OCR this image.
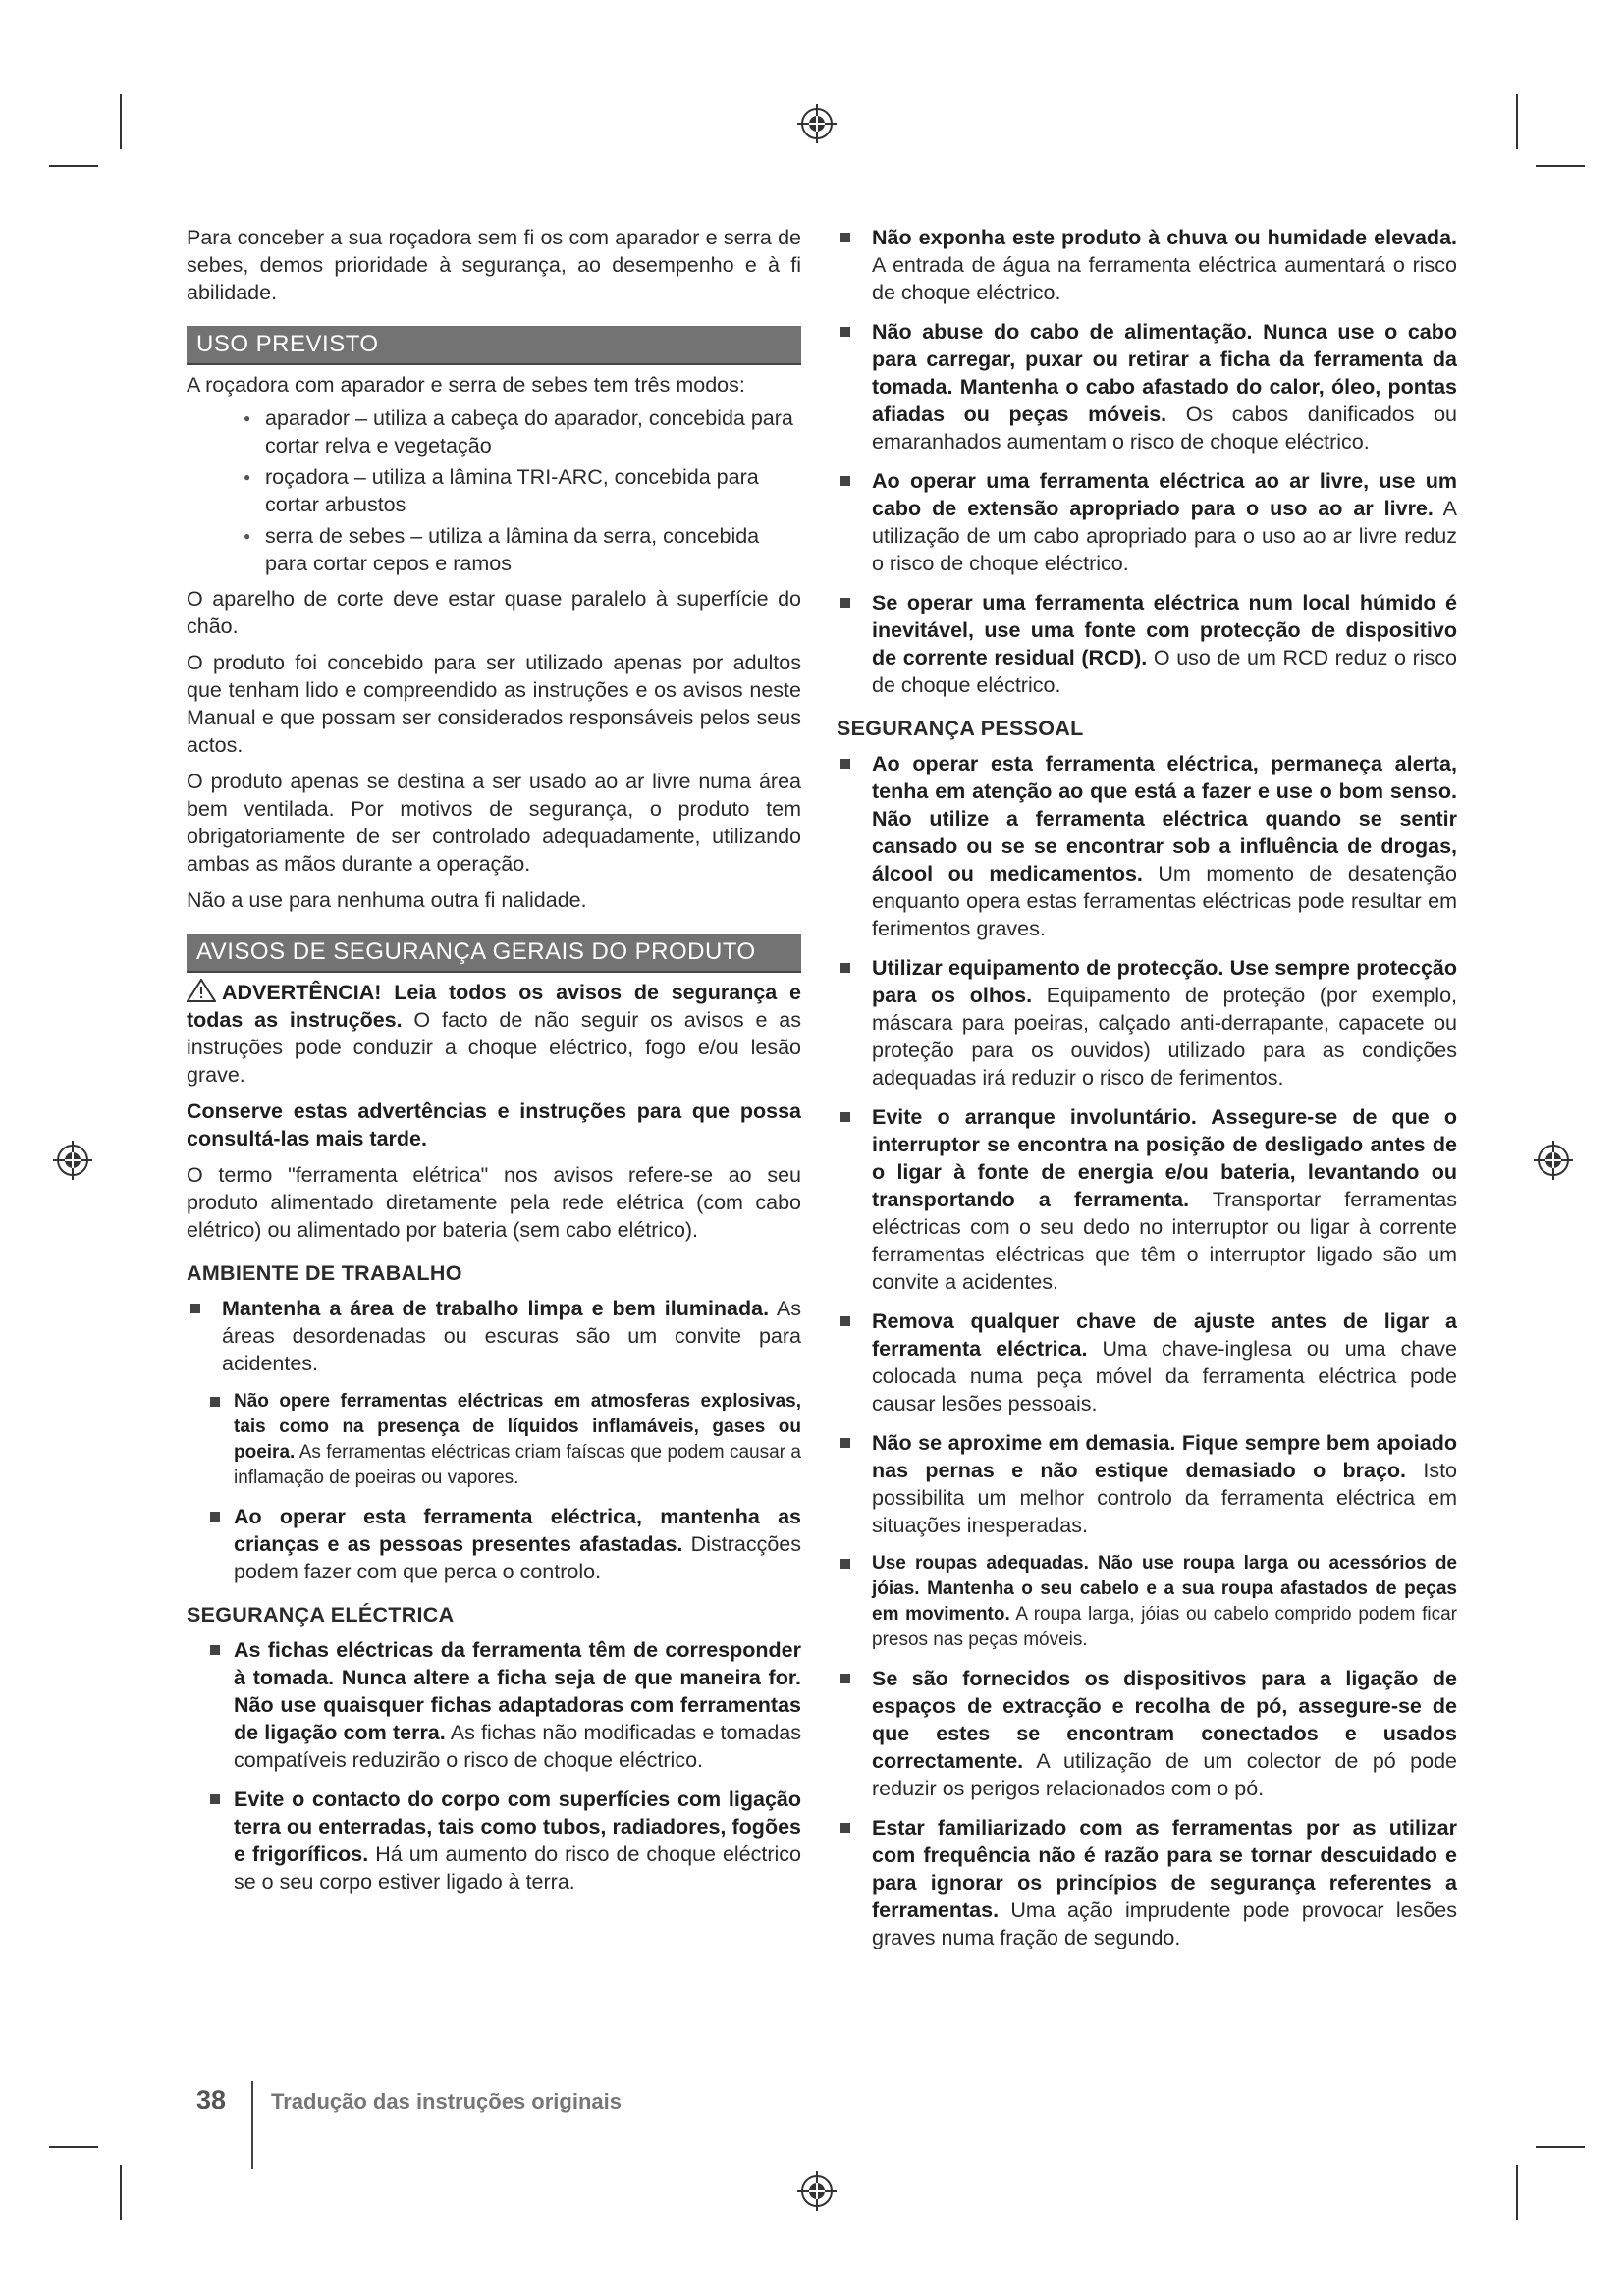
Para conceber a sua roçadora sem fi os com aparador e serra de sebes, demos prioridade à segurança, ao desempenho e à fi abilidade.

USO PREVISTO

A roçadora com aparador e serra de sebes tem três modos:

● aparador – utiliza a cabeça do aparador, concebida para cortar relva e vegetação
● roçadora – utiliza a lâmina TRI-ARC, concebida para cortar arbustos
● serra de sebes – utiliza a lâmina da serra, concebida para cortar cepos e ramos

O aparelho de corte deve estar quase paralelo à superfície do chão.

O produto foi concebido para ser utilizado apenas por adultos que tenham lido e compreendido as instruções e os avisos neste Manual e que possam ser considerados responsáveis pelos seus actos.

O produto apenas se destina a ser usado ao ar livre numa área bem ventilada. Por motivos de segurança, o produto tem obrigatoriamente de ser controlado adequadamente, utilizando ambas as mãos durante a operação.

Não a use para nenhuma outra fi nalidade.

AVISOS DE SEGURANÇA GERAIS DO PRODUTO

ADVERTÊNCIA! Leia todos os avisos de segurança e todas as instruções. O facto de não seguir os avisos e as instruções pode conduzir a choque eléctrico, fogo e/ou lesão grave.

Conserve estas advertências e instruções para que possa consultá-las mais tarde.

O termo "ferramenta elétrica" nos avisos refere-se ao seu produto alimentado diretamente pela rede elétrica (com cabo elétrico) ou alimentado por bateria (sem cabo elétrico).

AMBIENTE DE TRABALHO
Mantenha a área de trabalho limpa e bem iluminada. As áreas desordenadas ou escuras são um convite para acidentes.
Não opere ferramentas eléctricas em atmosferas explosivas, tais como na presença de líquidos inflamáveis, gases ou poeira. As ferramentas eléctricas criam faíscas que podem causar a inflamação de poeiras ou vapores.
Ao operar esta ferramenta eléctrica, mantenha as crianças e as pessoas presentes afastadas. Distracções podem fazer com que perca o controlo.
SEGURANÇA ELÉCTRICA
As fichas eléctricas da ferramenta têm de corresponder à tomada. Nunca altere a ficha seja de que maneira for. Não use quaisquer fichas adaptadoras com ferramentas de ligação com terra. As fichas não modificadas e tomadas compatíveis reduzirão o risco de choque eléctrico.
Evite o contacto do corpo com superfícies com ligação terra ou enterradas, tais como tubos, radiadores, fogões e frigoríficos. Há um aumento do risco de choque eléctrico se o seu corpo estiver ligado à terra.
Não exponha este produto à chuva ou humidade elevada. A entrada de água na ferramenta eléctrica aumentará o risco de choque eléctrico.
Não abuse do cabo de alimentação. Nunca use o cabo para carregar, puxar ou retirar a ficha da ferramenta da tomada. Mantenha o cabo afastado do calor, óleo, pontas afiadas ou peças móveis. Os cabos danificados ou emaranhados aumentam o risco de choque eléctrico.
Ao operar uma ferramenta eléctrica ao ar livre, use um cabo de extensão apropriado para o uso ao ar livre. A utilização de um cabo apropriado para o uso ao ar livre reduz o risco de choque eléctrico.
Se operar uma ferramenta eléctrica num local húmido é inevitável, use uma fonte com protecção de dispositivo de corrente residual (RCD). O uso de um RCD reduz o risco de choque eléctrico.
SEGURANÇA PESSOAL
Ao operar esta ferramenta eléctrica, permaneça alerta, tenha em atenção ao que está a fazer e use o bom senso. Não utilize a ferramenta eléctrica quando se sentir cansado ou se se encontrar sob a influência de drogas, álcool ou medicamentos. Um momento de desatenção enquanto opera estas ferramentas eléctricas pode resultar em ferimentos graves.
Utilizar equipamento de protecção. Use sempre protecção para os olhos. Equipamento de proteção (por exemplo, máscara para poeiras, calçado anti-derrapante, capacete ou proteção para os ouvidos) utilizado para as condições adequadas irá reduzir o risco de ferimentos.
Evite o arranque involuntário. Assegure-se de que o interruptor se encontra na posição de desligado antes de o ligar à fonte de energia e/ou bateria, levantando ou transportando a ferramenta. Transportar ferramentas eléctricas com o seu dedo no interruptor ou ligar à corrente ferramentas eléctricas que têm o interruptor ligado são um convite a acidentes.
Remova qualquer chave de ajuste antes de ligar a ferramenta eléctrica. Uma chave-inglesa ou uma chave colocada numa peça móvel da ferramenta eléctrica pode causar lesões pessoais.
Não se aproxime em demasia. Fique sempre bem apoiado nas pernas e não estique demasiado o braço. Isto possibilita um melhor controlo da ferramenta eléctrica em situações inesperadas.
Use roupas adequadas. Não use roupa larga ou acessórios de jóias. Mantenha o seu cabelo e a sua roupa afastados de peças em movimento. A roupa larga, jóias ou cabelo comprido podem ficar presos nas peças móveis.
Se são fornecidos os dispositivos para a ligação de espaços de extracção e recolha de pó, assegure-se de que estes se encontram conectados e usados correctamente. A utilização de um colector de pó pode reduzir os perigos relacionados com o pó.
Estar familiarizado com as ferramentas por as utilizar com frequência não é razão para se tornar descuidado e para ignorar os princípios de segurança referentes a ferramentas. Uma ação imprudente pode provocar lesões graves numa fração de segundo.
38 Tradução das instruções originais
